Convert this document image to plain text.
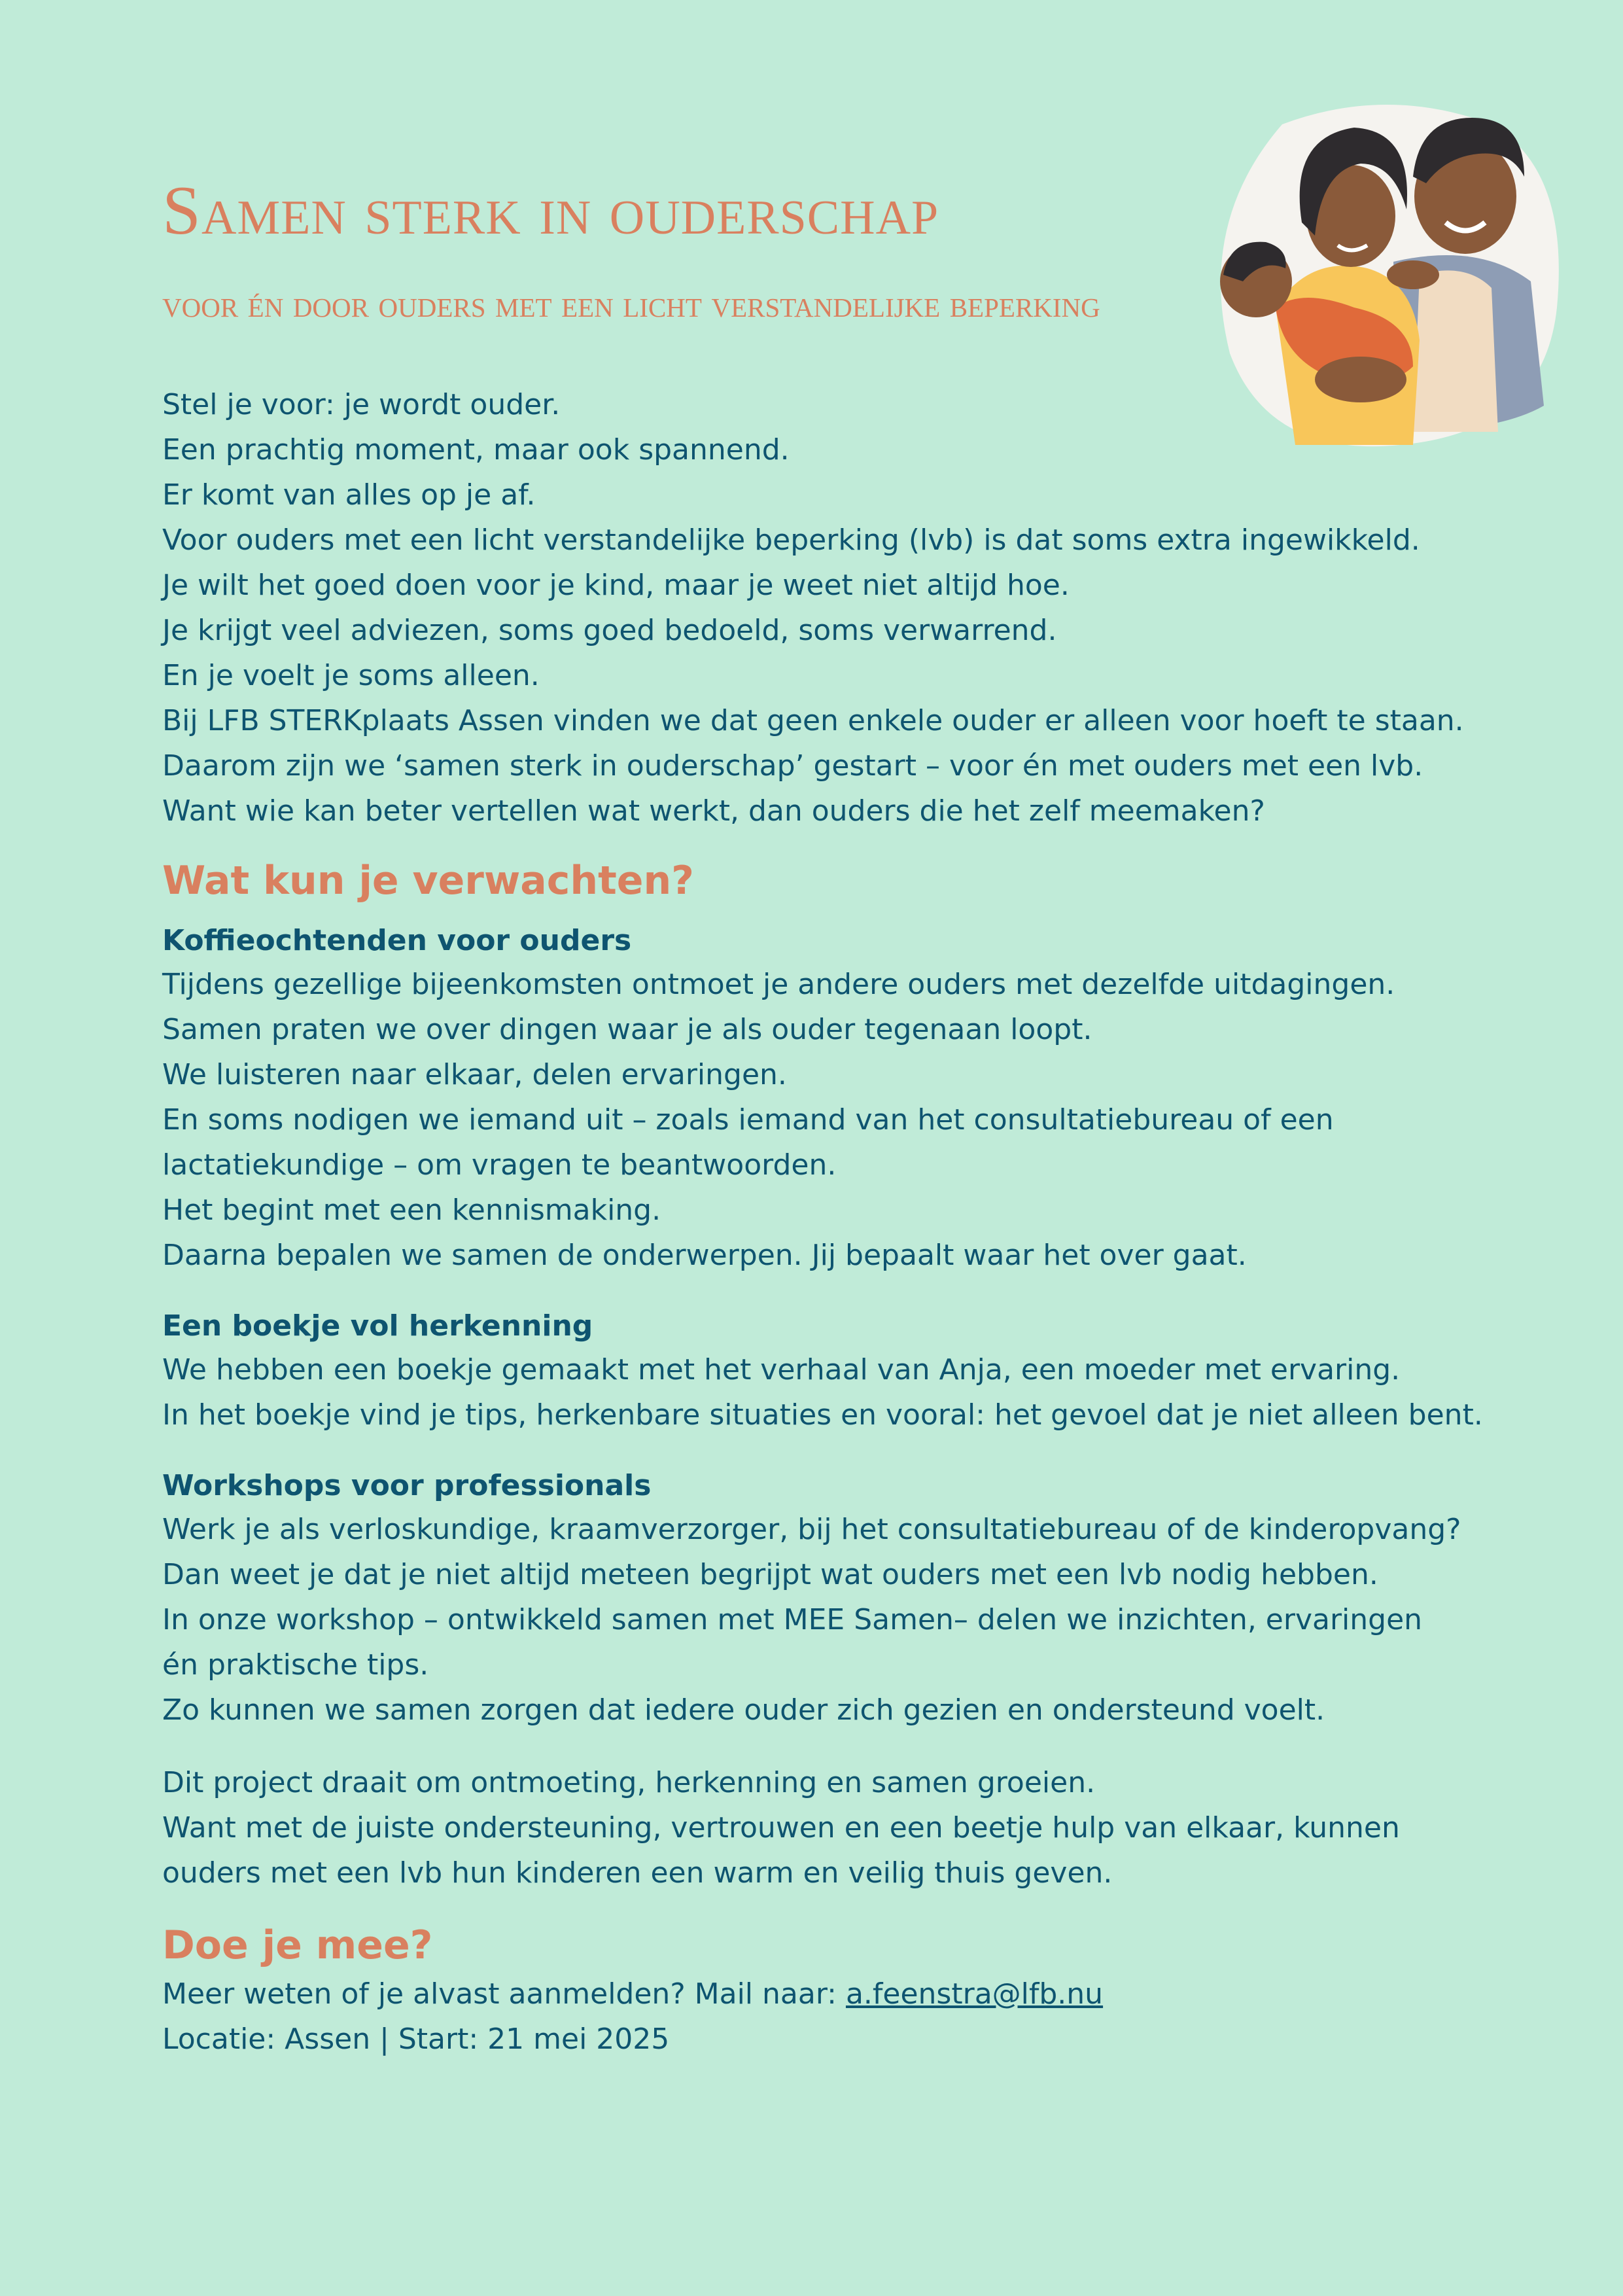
Samen sterk in ouderschap
voor én door ouders met een licht verstandelijke beperking
Stel je voor: je wordt ouder.
Een prachtig moment, maar ook spannend.
Er komt van alles op je af.
Voor ouders met een licht verstandelijke beperking (lvb) is dat soms extra ingewikkeld.
Je wilt het goed doen voor je kind, maar je weet niet altijd hoe.
Je krijgt veel adviezen, soms goed bedoeld, soms verwarrend.
En je voelt je soms alleen.
Bij LFB STERKplaats Assen vinden we dat geen enkele ouder er alleen voor hoeft te staan.
Daarom zijn we ‘samen sterk in ouderschap’ gestart – voor én met ouders met een lvb.
Want wie kan beter vertellen wat werkt, dan ouders die het zelf meemaken?
Wat kun je verwachten?
Koffieochtenden voor ouders
Tijdens gezellige bijeenkomsten ontmoet je andere ouders met dezelfde uitdagingen.
Samen praten we over dingen waar je als ouder tegenaan loopt.
We luisteren naar elkaar, delen ervaringen.
En soms nodigen we iemand uit – zoals iemand van het consultatiebureau of een
lactatiekundige – om vragen te beantwoorden.
Het begint met een kennismaking.
Daarna bepalen we samen de onderwerpen. Jij bepaalt waar het over gaat.
Een boekje vol herkenning
We hebben een boekje gemaakt met het verhaal van Anja, een moeder met ervaring.
In het boekje vind je tips, herkenbare situaties en vooral: het gevoel dat je niet alleen bent.
Workshops voor professionals
Werk je als verloskundige, kraamverzorger, bij het consultatiebureau of de kinderopvang?
Dan weet je dat je niet altijd meteen begrijpt wat ouders met een lvb nodig hebben.
In onze workshop – ontwikkeld samen met MEE Samen– delen we inzichten, ervaringen
én praktische tips.
Zo kunnen we samen zorgen dat iedere ouder zich gezien en ondersteund voelt.
Dit project draait om ontmoeting, herkenning en samen groeien.
Want met de juiste ondersteuning, vertrouwen en een beetje hulp van elkaar, kunnen
ouders met een lvb hun kinderen een warm en veilig thuis geven.
Doe je mee?
Meer weten of je alvast aanmelden? Mail naar: a.feenstra@lfb.nu
Locatie: Assen | Start: 21 mei 2025
